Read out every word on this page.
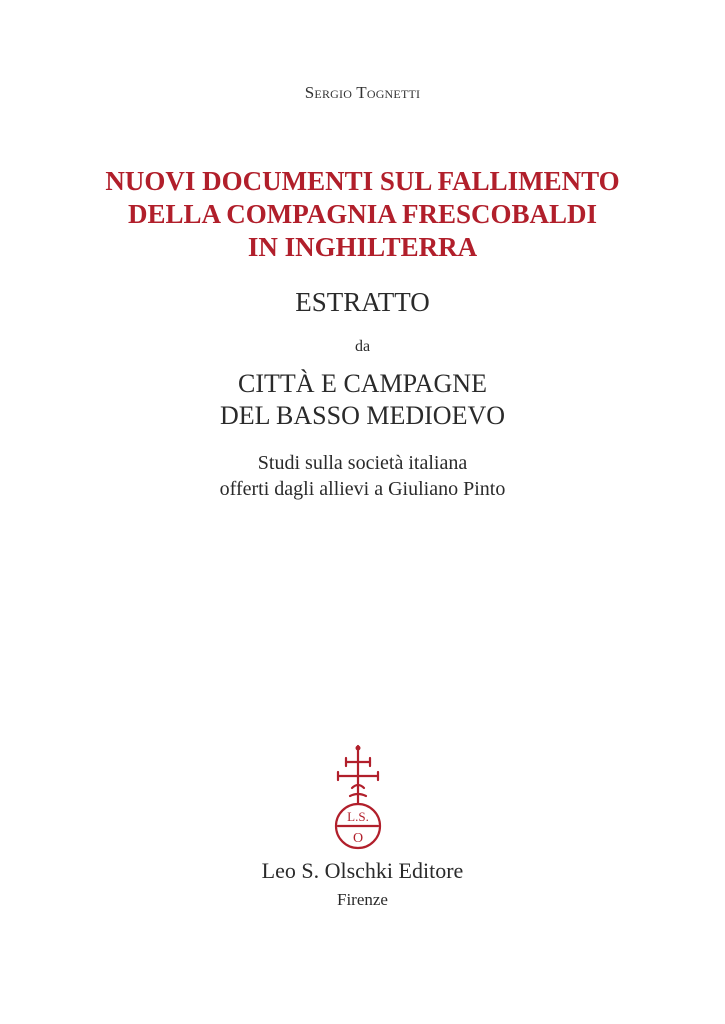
Sergio Tognetti
NUOVI DOCUMENTI SUL FALLIMENTO
DELLA COMPAGNIA FRESCOBALDI
IN INGHILTERRA
ESTRATTO
da
CITTÀ E CAMPAGNE
DEL BASSO MEDIOEVO
Studi sulla società italiana
offerti dagli allievi a Giuliano Pinto
L.S.
O
Leo S. Olschki Editore
Firenze
